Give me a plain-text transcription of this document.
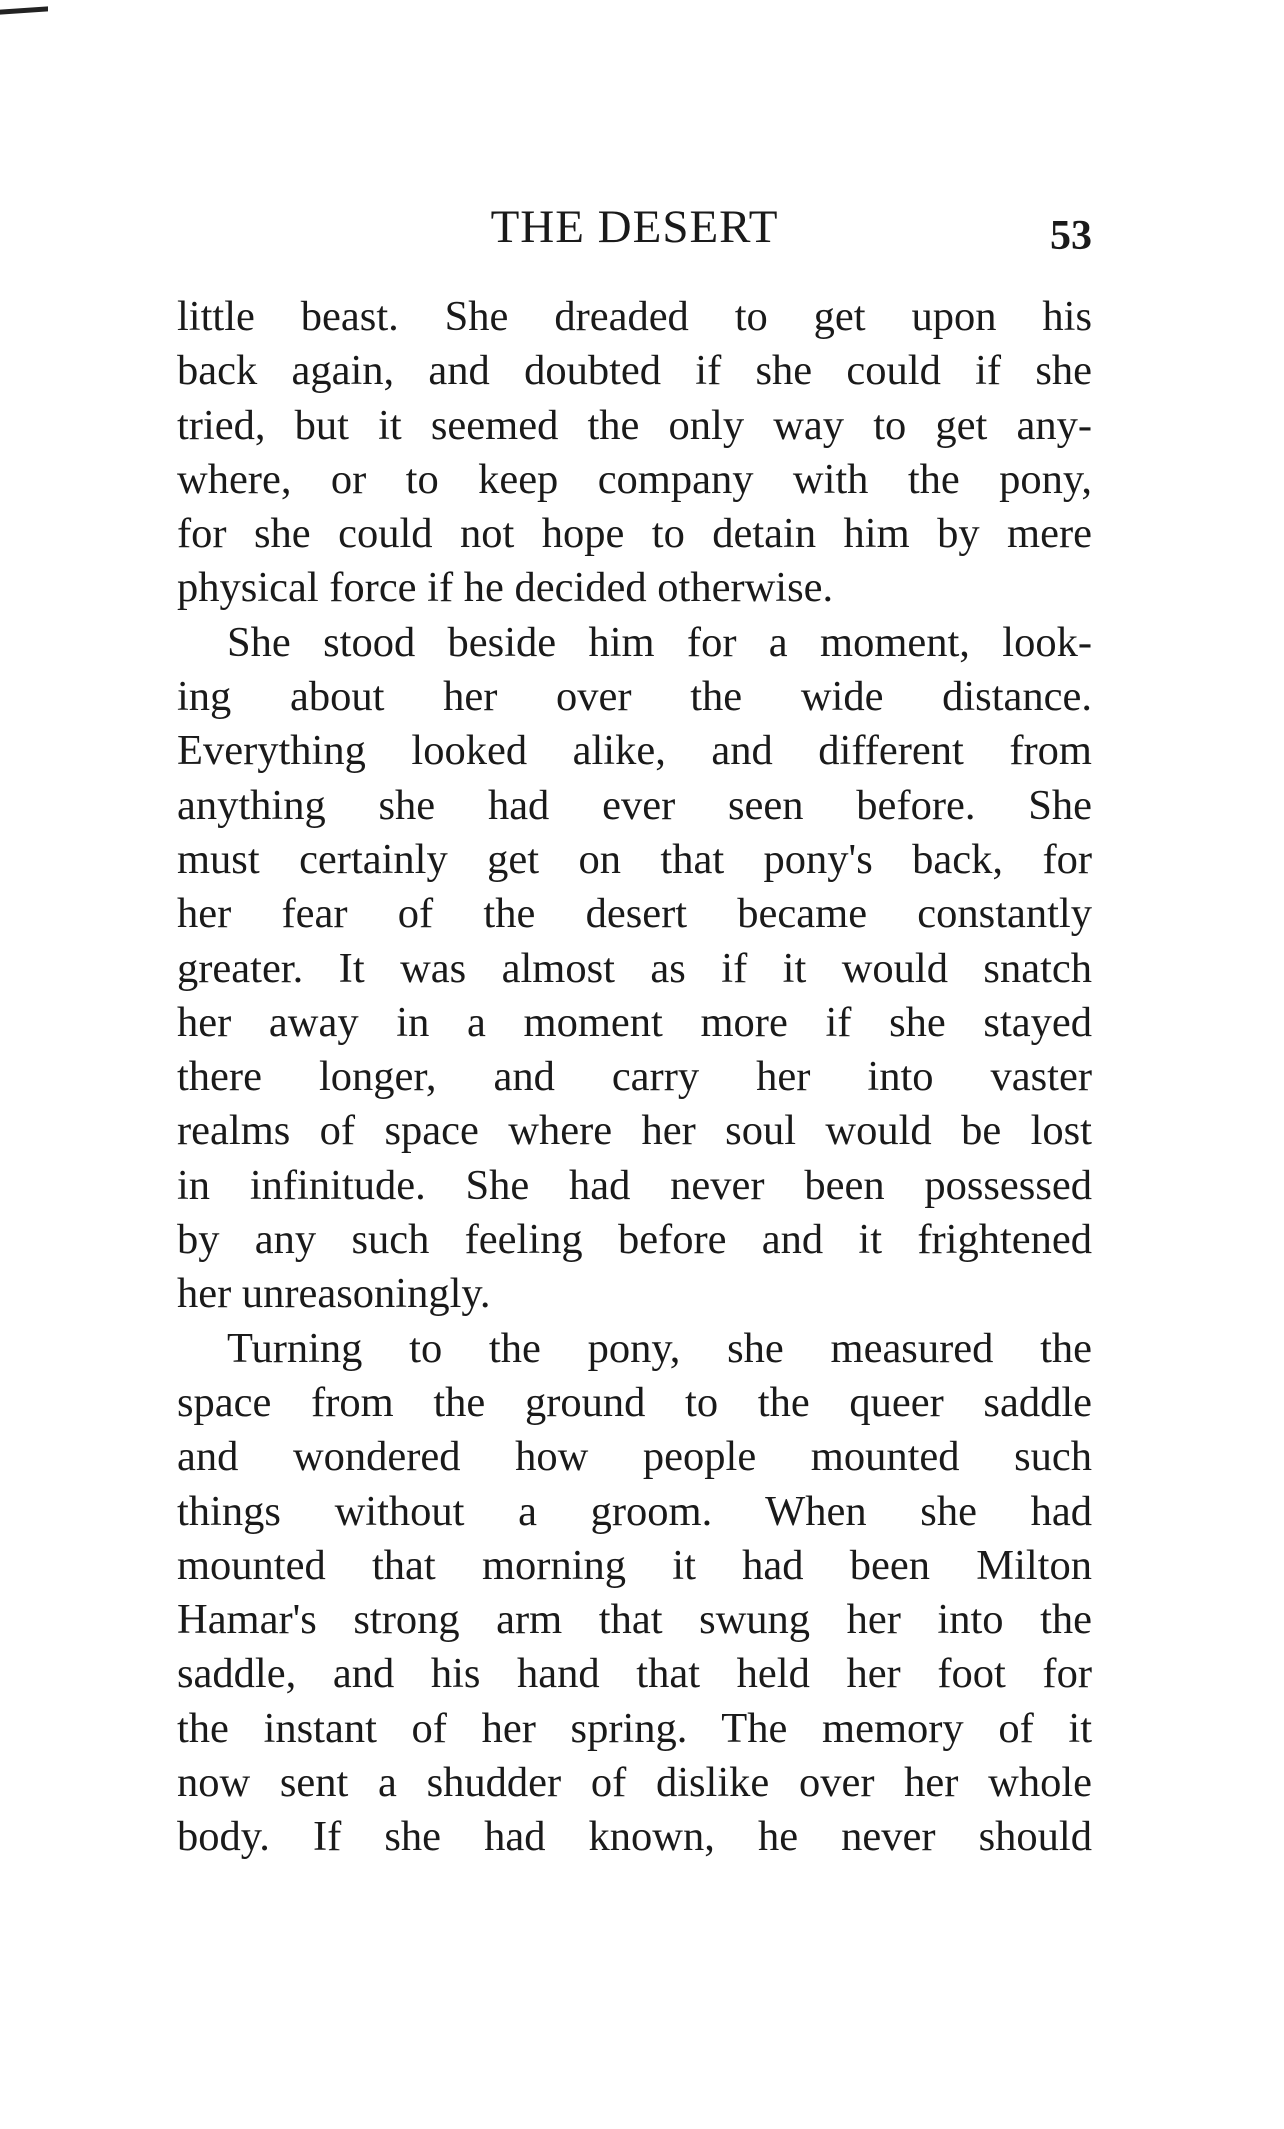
THE DESERT	53
little beast. She dreaded to get upon his
back again, and doubted if she could if she
tried, but it seemed the only way to get any-
where, or to keep company with the pony,
for she could not hope to detain him by mere
physical force if he decided otherwise.
She stood beside him for a moment, look-
ing about her over the wide distance.
Everything looked alike, and different from
anything she had ever seen before. She
must certainly get on that pony's back, for
her fear of the desert became constantly
greater. It was almost as if it would snatch
her away in a moment more if she stayed
there longer, and carry her into vaster
realms of space where her soul would be lost
in infinitude. She had never been possessed
by any such feeling before and it frightened
her unreasoningly.
Turning to the pony, she measured the
space from the ground to the queer saddle
and wondered how people mounted such
things without a groom. When she had
mounted that morning it had been Milton
Hamar's strong arm that swung her into the
saddle, and his hand that held her foot for
the instant of her spring. The memory of it
now sent a shudder of dislike over her whole
body. If she had known, he never should
